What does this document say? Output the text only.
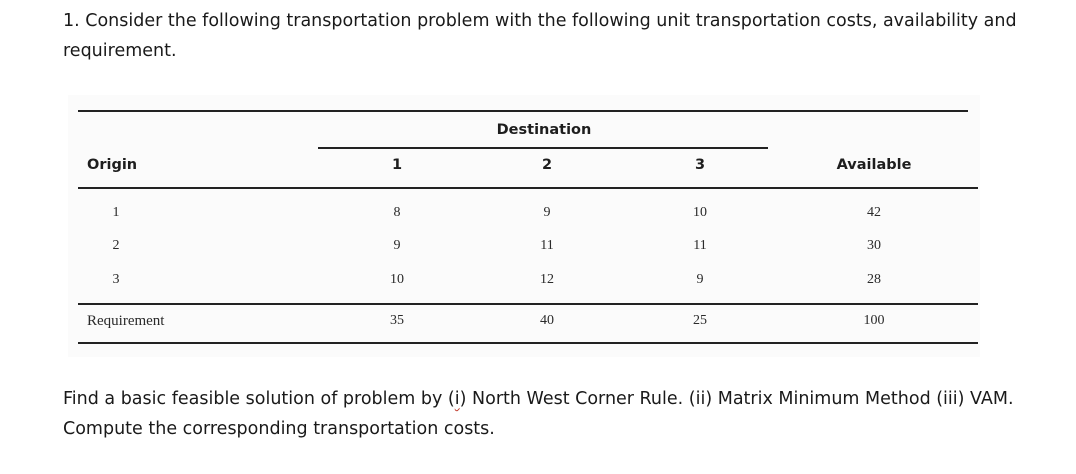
1. Consider the following transportation problem with the following unit transportation costs, availability and requirement.
Destination
Origin	1	2	3	Available
1	8	9	10	42
2	9	11	11	30
3	10	12	9	28
Requirement	35	40	25	100
Find a basic feasible solution of problem by (i) North West Corner Rule. (ii) Matrix Minimum Method (iii) VAM. Compute the corresponding transportation costs.
